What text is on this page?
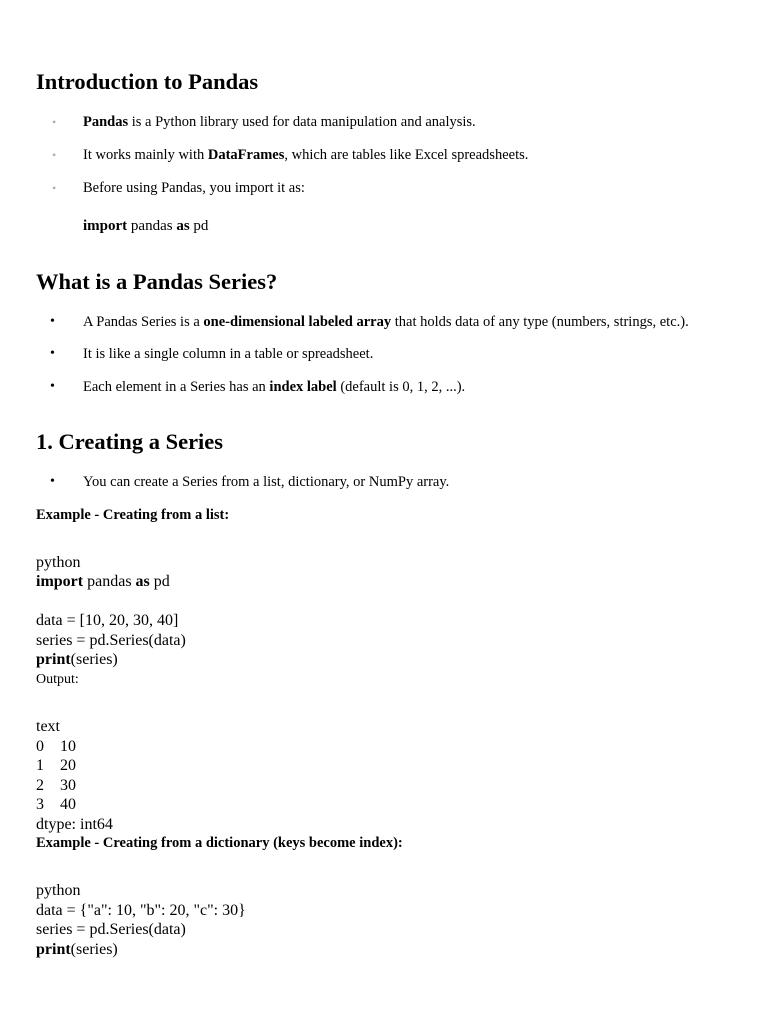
Introduction to Pandas
• Pandas is a Python library used for data manipulation and analysis.
• It works mainly with DataFrames, which are tables like Excel spreadsheets.
• Before using Pandas, you import it as:
import pandas as pd
What is a Pandas Series?
• A Pandas Series is a one-dimensional labeled array that holds data of any type (numbers, strings, etc.).
• It is like a single column in a table or spreadsheet.
• Each element in a Series has an index label (default is 0, 1, 2, ...).
1. Creating a Series
• You can create a Series from a list, dictionary, or NumPy array.
Example - Creating from a list:
python
import pandas as pd
data = [10, 20, 30, 40]
series = pd.Series(data)
print(series)
Output:
text
0    10
1    20
2    30
3    40
dtype: int64
Example - Creating from a dictionary (keys become index):
python
data = {"a": 10, "b": 20, "c": 30}
series = pd.Series(data)
print(series)
